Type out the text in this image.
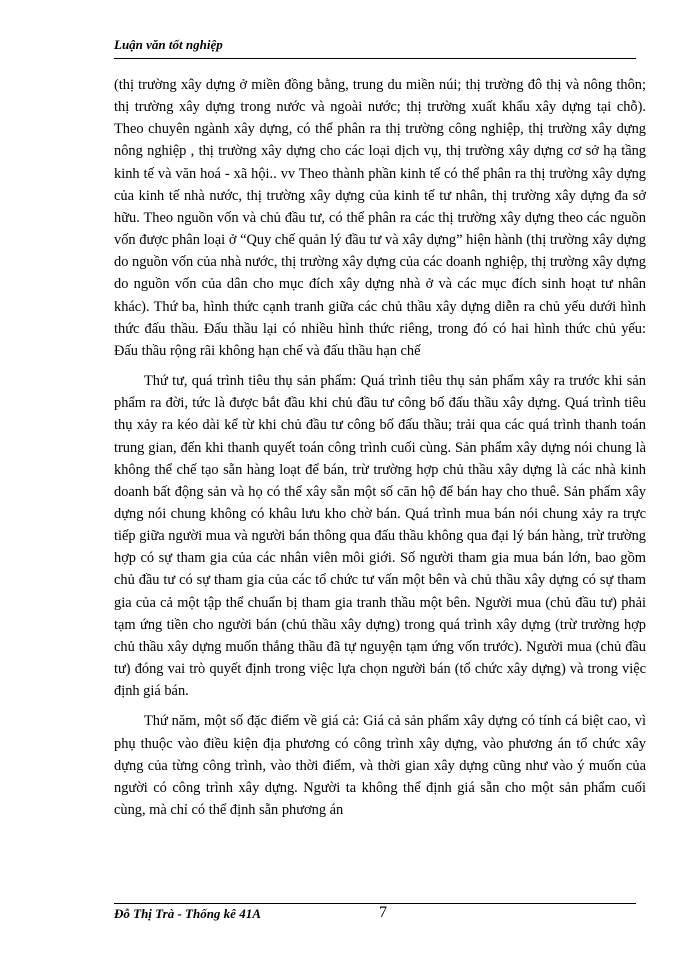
Luận văn tốt nghiệp

(thị trường xây dựng ở miền đồng bằng, trung du miền núi; thị trường đô thị và nông thôn; thị trường xây dựng trong nước và ngoài nước; thị trường xuất khẩu xây dựng tại chỗ). Theo chuyên ngành xây dựng, có thể phân ra thị trường công nghiệp, thị trường xây dựng nông nghiệp , thị trường xây dựng cho các loại dịch vụ, thị trường xây dựng cơ sở hạ tầng kinh tế và văn hoá - xã hội.. vv Theo thành phần kinh tế có thể phân ra thị trường xây dựng của kinh tế nhà nước, thị trường xây dựng của kinh tế tư nhân, thị trường xây dựng đa sở hữu. Theo nguồn vốn và chủ đầu tư, có thể phân ra các thị trường xây dựng theo các nguồn vốn được phân loại ở “Quy chế quản lý đầu tư và xây dựng” hiện hành (thị trường xây dựng do nguồn vốn của nhà nước, thị trường xây dựng của các doanh nghiệp, thị trường xây dựng do nguồn vốn của dân cho mục đích xây dựng nhà ở và các mục đích sinh hoạt tư nhân khác). Thứ ba, hình thức cạnh tranh giữa các chủ thầu xây dựng diễn ra chủ yếu dưới hình thức đấu thầu. Đấu thầu lại có nhiều hình thức riêng, trong đó có hai hình thức chủ yếu: Đấu thầu rộng rãi không hạn chế và đấu thầu hạn chế

Thứ tư, quá trình tiêu thụ sản phẩm: Quá trình tiêu thụ sản phẩm xây ra trước khi sản phẩm ra đời, tức là được bắt đầu khi chủ đầu tư công bố đấu thầu xây dựng. Quá trình tiêu thụ xảy ra kéo dài kể từ khi chủ đầu tư công bố đấu thầu; trải qua các quá trình thanh toán trung gian, đến khi thanh quyết toán công trình cuối cùng. Sản phẩm xây dựng nói chung là không thể chế tạo sẵn hàng loạt để bán, trừ trường hợp chủ thầu xây dựng là các nhà kinh doanh bất động sản và họ có thể xây sẵn một số căn hộ để bán hay cho thuê. Sản phẩm xây dựng nói chung không có khâu lưu kho chờ bán. Quá trình mua bán nói chung xảy ra trực tiếp giữa người mua và người bán thông qua đấu thầu không qua đại lý bán hàng, trừ trường hợp có sự tham gia của các nhân viên môi giới. Số người tham gia mua bán lớn, bao gồm chủ đầu tư có sự tham gia của các tổ chức tư vấn một bên và chủ thầu xây dựng có sự tham gia của cả một tập thể chuẩn bị tham gia tranh thầu một bên. Người mua (chủ đầu tư) phải tạm ứng tiền cho người bán (chủ thầu xây dựng) trong quá trình xây dựng (trừ trường hợp chủ thầu xây dựng muốn thắng thầu đã tự nguyện tạm ứng vốn trước). Người mua (chủ đầu tư) đóng vai trò quyết định trong việc lựa chọn người bán (tổ chức xây dựng) và trong việc định giá bán.

Thứ năm, một số đặc điểm về giá cả: Giá cả sản phẩm xây dựng có tính cá biệt cao, vì phụ thuộc vào điều kiện địa phương có công trình xây dựng, vào phương án tổ chức xây dựng của từng công trình, vào thời điểm, và thời gian xây dựng cũng như vào ý muốn của người có công trình xây dựng. Người ta không thể định giá sẵn cho một sản phẩm cuối cùng, mà chỉ có thể định sẵn phương án

Đỗ Thị Trà - Thống kê 41A	7
